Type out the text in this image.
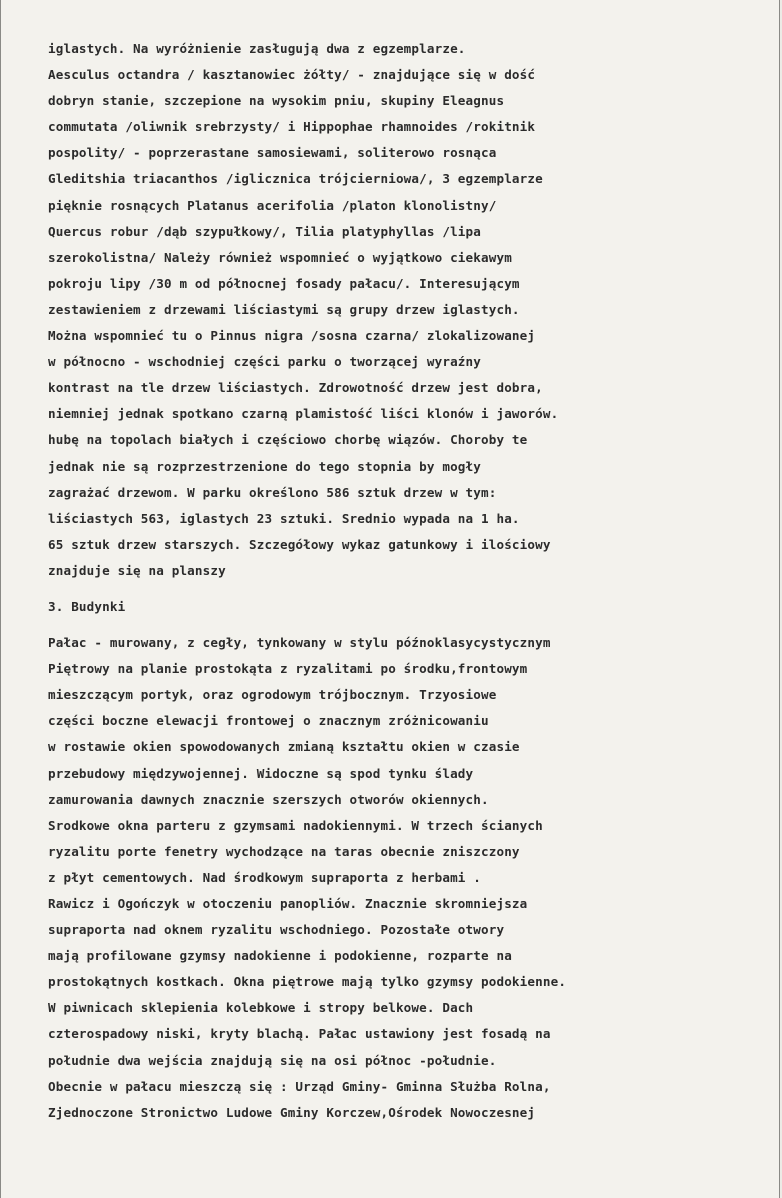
iglastych. Na wyróżnienie zasługują dwa z egzemplarze.
Aesculus octandra / kasztanowiec żółty/ - znajdujące się w dość
dobryn stanie, szczepione na wysokim pniu, skupiny Eleagnus
commutata /oliwnik srebrzysty/ i Hippophae rhamnoides /rokitnik
pospolity/ - poprzerastane samosiewami, soliterowo rosnąca
Gleditshia triacanthos /iglicznica trójcierniowa/, 3 egzemplarze
pięknie rosnących Platanus acerifolia /platon klonolistny/
Quercus robur /dąb szypułkowy/, Tilia platyphyllas /lipa
szerokolistna/ Należy również wspomnieć o wyjątkowo ciekawym
pokroju lipy /30 m od północnej fosady pałacu/. Interesującym
zestawieniem z drzewami liściastymi są grupy drzew iglastych.
Można wspomnieć tu o Pinnus nigra /sosna czarna/ zlokalizowanej
w północno - wschodniej części parku o tworzącej wyraźny
kontrast na tle drzew liściastych. Zdrowotność drzew jest dobra,
niemniej jednak spotkano czarną plamistość liści klonów i jaworów.
hubę na topolach białych i częściowo chorbę wiązów. Choroby te
jednak nie są rozprzestrzenione do tego stopnia by mogły
zagrażać drzewom. W parku określono 586 sztuk drzew w tym:
liściastych 563, iglastych 23 sztuki. Srednio wypada na 1 ha.
65 sztuk drzew starszych. Szczegółowy wykaz gatunkowy i ilościowy
znajduje się na planszy
3. Budynki
Pałac - murowany, z cegły, tynkowany w stylu późnoklasycystycznym
Piętrowy na planie prostokąta z ryzalitami po środku,frontowym
mieszczącym portyk, oraz ogrodowym trójbocznym. Trzyosiowe
części boczne elewacji frontowej o znacznym zróżnicowaniu
w rostawie okien spowodowanych zmianą kształtu okien w czasie
przebudowy międzywojennej. Widoczne są spod tynku ślady
zamurowania dawnych znacznie szerszych otworów okiennych.
Srodkowe okna parteru z gzymsami nadokiennymi. W trzech ścianych
ryzalitu porte fenetry wychodzące na taras obecnie zniszczony
z płyt cementowych. Nad środkowym supraporta z herbami .
Rawicz i Ogończyk w otoczeniu panopliów. Znacznie skromniejsza
supraporta nad oknem ryzalitu wschodniego. Pozostałe otwory
mają profilowane gzymsy nadokienne i podokienne, rozparte na
prostokątnych kostkach. Okna piętrowe mają tylko gzymsy podokienne.
W piwnicach sklepienia kolebkowe i stropy belkowe. Dach
czterospadowy niski, kryty blachą. Pałac ustawiony jest fosadą na
południe dwa wejścia znajdują się na osi północ -południe.
Obecnie w pałacu mieszczą się : Urząd Gminy- Gminna Służba Rolna,
Zjednoczone Stronictwo Ludowe Gminy Korczew,Ośrodek Nowoczesnej
